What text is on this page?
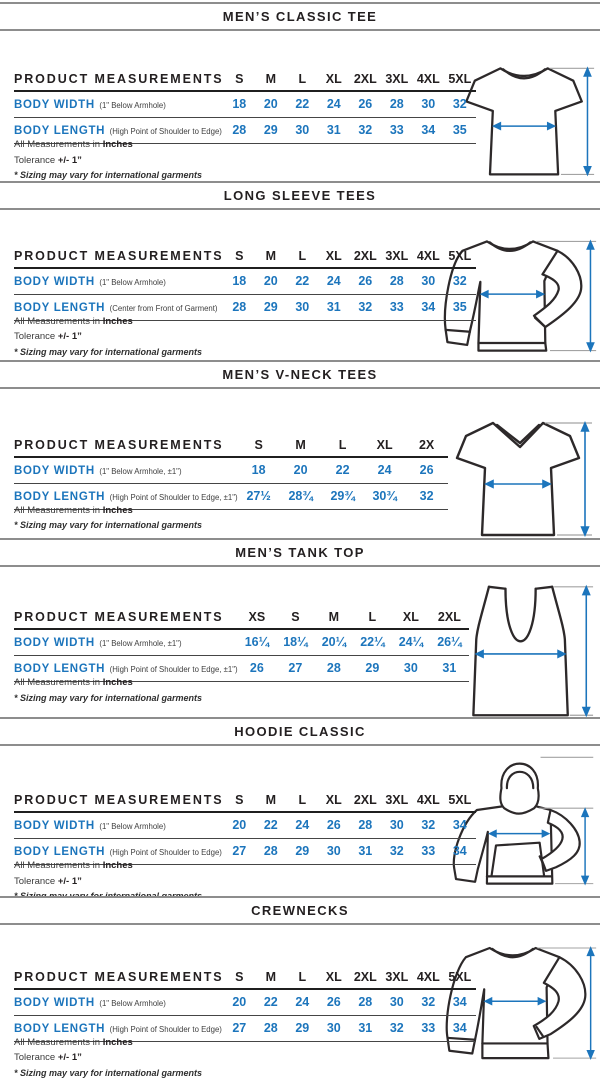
MEN’S CLASSIC TEE
PRODUCT MEASUREMENTS	S	M	L	XL	2XL	3XL	4XL	5XL
BODY WIDTH (1" Below Armhole)	18	20	22	24	26	28	30	32
BODY LENGTH (High Point of Shoulder to Edge)	28	29	30	31	32	33	34	35
All Measurements in Inches
Tolerance +/- 1”
* Sizing may vary for international garments
LONG SLEEVE TEES
PRODUCT MEASUREMENTS	S	M	L	XL	2XL	3XL	4XL	5XL
BODY WIDTH (1" Below Armhole)	18	20	22	24	26	28	30	32
BODY LENGTH (Center from Front of Garment)	28	29	30	31	32	33	34	35
All Measurements in Inches
Tolerance +/- 1”
* Sizing may vary for international garments
MEN’S V-NECK TEES
PRODUCT MEASUREMENTS	S	M	L	XL	2X
BODY WIDTH (1" Below Armhole, ±1")	18	20	22	24	26
BODY LENGTH (High Point of Shoulder to Edge, ±1")	27½	28¾	29¾	30¾	32
All Measurements in Inches
* Sizing may vary for international garments
MEN’S TANK TOP
PRODUCT MEASUREMENTS	XS	S	M	L	XL	2XL
BODY WIDTH (1" Below Armhole, ±1")	16¼	18¼	20¼	22¼	24¼	26¼
BODY LENGTH (High Point of Shoulder to Edge, ±1")	26	27	28	29	30	31
All Measurements in Inches
* Sizing may vary for international garments
HOODIE CLASSIC
PRODUCT MEASUREMENTS	S	M	L	XL	2XL	3XL	4XL	5XL
BODY WIDTH (1" Below Armhole)	20	22	24	26	28	30	32	34
BODY LENGTH (High Point of Shoulder to Edge)	27	28	29	30	31	32	33	34
All Measurements in Inches
Tolerance +/- 1”
CREWNECKS
PRODUCT MEASUREMENTS	S	M	L	XL	2XL	3XL	4XL	5XL
BODY WIDTH (1" Below Armhole)	20	22	24	26	28	30	32	34
BODY LENGTH (High Point of Shoulder to Edge)	27	28	29	30	31	32	33	34
All Measurements in Inches
Tolerance +/- 1”
* Sizing may vary for international garments
